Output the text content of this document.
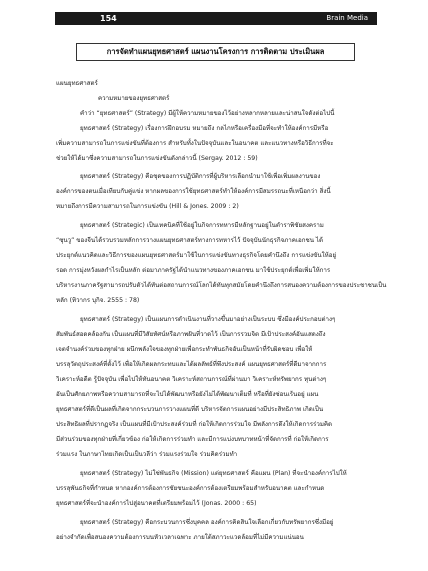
154	Brain Media
การจัดทำแผนยุทธศาสตร์ แผนงานโครงการ การติดตาม ประเมินผล
แผนยุทธศาสตร์
ความหมายของยุทธศาสตร์
คำว่า “ยุทธศาสตร์” (Strategy) มีผู้ให้ความหมายของไว้อย่างหลากหลายและน่าสนใจดังต่อไปนี้
ยุทธศาสตร์ (Strategy) เรื่องการฝึกอบรม หมายถึง กลไกหรือเครื่องมือที่จะทำให้องค์การมีหรือ
เพิ่มความสามารถในการแข่งขันที่ต้องการ สำหรับทั้งในปัจจุบันและในอนาคต และแนวทางหรือวิธีการที่จะ
ช่วยให้ได้มาซึ่งความสามารถในการแข่งขันดังกล่าวนี้ (Sergay. 2012 : 59)
ยุทธศาสตร์ (Strategy) คือชุดของการปฏิบัติการที่ผู้บริหารเลือกนำมาใช้เพื่อเพิ่มผลงานของ
องค์การของตนเมื่อเทียบกับคู่แข่ง หากผลของการใช้ยุทธศาสตร์ทำให้องค์การมีสมรรถนะที่เหนือกว่า สิ่งนี้
หมายถึงการมีความสามารถในการแข่งขัน (Hill & Jones. 2009 : 2)
ยุทธศาสตร์ (Strategic) เป็นเทคนิคที่ใช้อยู่ในกิจการทหารมีหลักฐานอยู่ในตำราพิชัยสงคราม
“ซุนวู” ของจีนได้รวบรวมหลักการวางแผนยุทธศาสตร์ทางการทหารไว้ ปัจจุบันนักธุรกิจภาคเอกชน ได้
ประยุกต์แนวคิดและวิธีการของแผนยุทธศาสตร์มาใช้ในการแข่งขันทางธุรกิจโดยคำนึงถึง การแข่งขันให้อยู่
รอด การมุ่งหวังผลกำไรเป็นหลัก ต่อมาภาครัฐได้นำแนวทางของภาคเอกชน มาใช้ประยุกต์เพื่อเพิ่มให้การ
บริหารงานภาครัฐสามารถปรับตัวได้ทันต่อสถานการณ์โลกได้ทันทุกสมัยโดยคำนึงถึงการสนองความต้องการของประชาชนเป็น
หลัก (ทิวากร บุกิจ. 2555 : 78)
ยุทธศาสตร์ (Strategy) เป็นแผนการดำเนินงานที่วางขึ้นมาอย่างเป็นระบบ ซึ่งมีองค์ประกอบต่างๆ
สัมพันธ์สอดคล้องกัน เป็นแผนที่มีวิสัยทัศน์หรือภาพฝันที่วาดไว้ เป็นการรวมจิต มีเป้าประสงค์อันแสดงถึง
เจตจำนงค์ร่วมของทุกฝ่าย ผนึกพลังใจของทุกฝ่ายเพื่อกระทำพันธกิจอันเป็นหน้าที่รับผิดชอบ เพื่อให้
บรรลุวัตถุประสงค์ที่ตั้งไว้ เพื่อให้เกิดผลกระทบและได้ผลลัพธ์ที่พึงประสงค์ แผนยุทธศาสตร์ที่ดีมาจากการ
วิเคราะห์อดีต รู้ปัจจุบัน เพื่อไปให้ทันอนาคต วิเคราะห์สถานการณ์ที่ผ่านมา วิเคราะห์ทรัพยากร ทุนต่างๆ
อันเป็นศักยภาพหรือความสามารถที่จะไปได้พัฒนาหรือยังไม่ได้พัฒนาเต็มที่ หรือที่ยังซ่อนเร้นอยู่ แผน
ยุทธศาสตร์ที่ดีเป็นผลที่เกิดจากกระบวนการวางแผนที่ดี บริหารจัดการแผนอย่างมีประสิทธิภาพ เกิดเป็น
ประสิทธิผลที่ปรากฏจริง เป็นแผนที่มีเป้าประสงค์ร่วมที่ ก่อให้เกิดการร่วมใจ มีพลังการดึงให้เกิดการร่วมคิด
มีส่วนร่วมของทุกฝ่ายที่เกี่ยวข้อง ก่อให้เกิดการร่วมทำ และมีการแบ่งบทบาทหน้าที่จัดการที่ ก่อให้เกิดการ
ร่วมแรง ในภาษาไทยเกิดเป็นเป็นวลีว่า ร่วมแรงร่วมใจ ร่วมคิดร่วมทำ
ยุทธศาสตร์ (Strategy) ไม่ใช่พันธกิจ (Mission) แต่ยุทธศาสตร์ คือแผน (Plan) ที่จะนำองค์การไปให้
บรรลุพันธกิจที่กำหนด หากองค์การต้องการชัยชนะองค์การต้องเตรียมพร้อมสำหรับอนาคต และกำหนด
ยุทธศาสตร์ที่จะนำองค์การไปสู่อนาคตที่เตรียมพร้อมไว้ (Jonas. 2000 : 65)
ยุทธศาสตร์ (Strategy) คือกระบวนการซึ่งบุคคล องค์การคิดสินใจเลือกเกี่ยวกับทรัพยากรซึ่งมีอยู่
อย่างจำกัดเพื่อสนองความต้องการบนหัวเวลาเฉพาะ ภายใต้สภาวะแวดล้อมที่ไม่มีความแน่นอน
